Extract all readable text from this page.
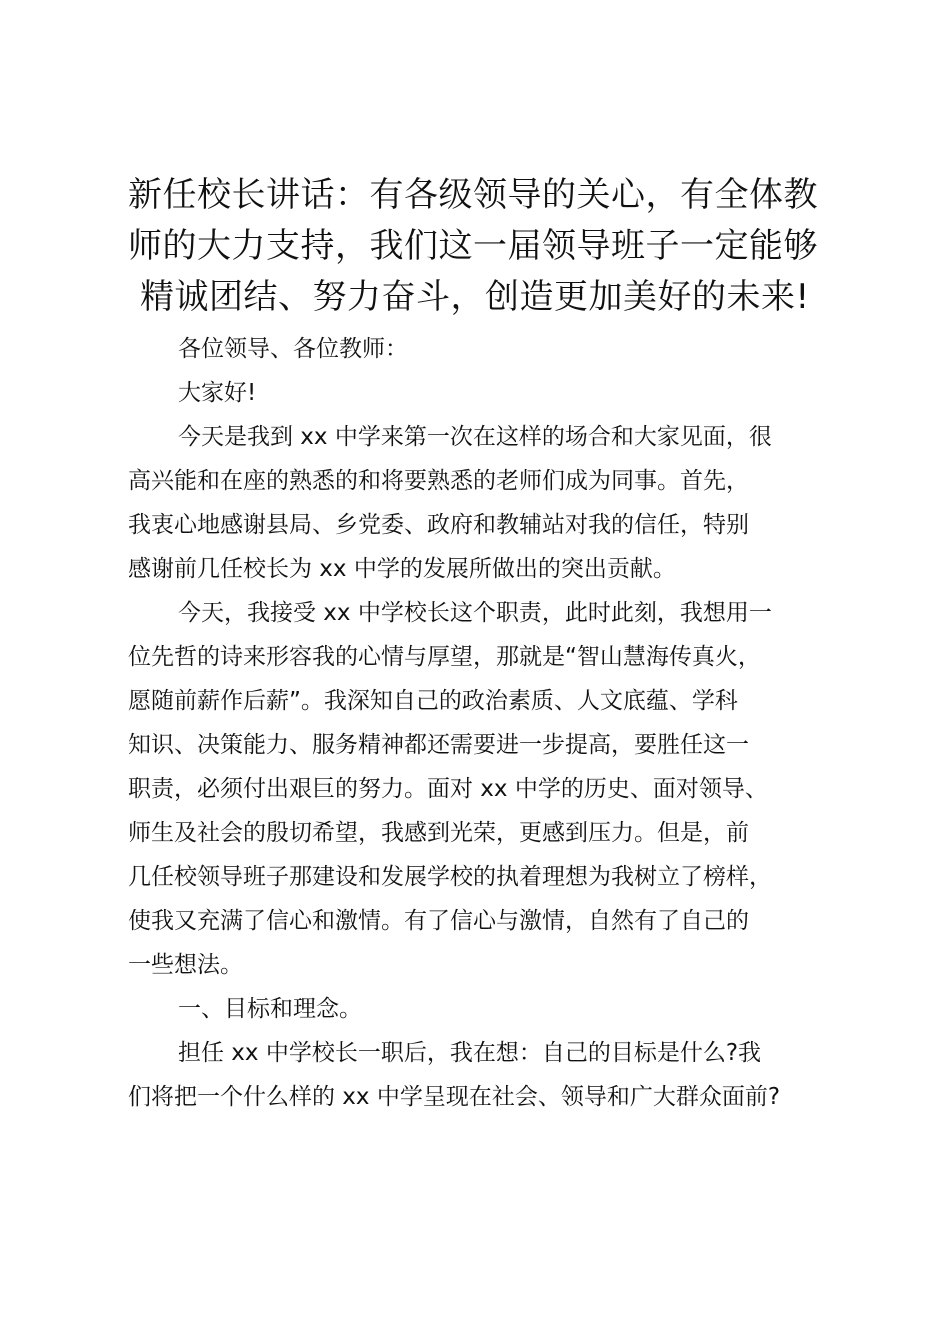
新任校长讲话：有各级领导的关心，有全体教
师的大力支持，我们这一届领导班子一定能够
精诚团结、努力奋斗，创造更加美好的未来!
各位领导、各位教师：
大家好!
今天是我到 xx 中学来第一次在这样的场合和大家见面，很
高兴能和在座的熟悉的和将要熟悉的老师们成为同事。首先，
我衷心地感谢县局、乡党委、政府和教辅站对我的信任，特别
感谢前几任校长为 xx 中学的发展所做出的突出贡献。
今天，我接受 xx 中学校长这个职责，此时此刻，我想用一
位先哲的诗来形容我的心情与厚望，那就是“智山慧海传真火，
愿随前薪作后薪”。我深知自己的政治素质、人文底蕴、学科
知识、决策能力、服务精神都还需要进一步提高，要胜任这一
职责，必须付出艰巨的努力。面对 xx 中学的历史、面对领导、
师生及社会的殷切希望，我感到光荣，更感到压力。但是，前
几任校领导班子那建设和发展学校的执着理想为我树立了榜样，
使我又充满了信心和激情。有了信心与激情，自然有了自己的
一些想法。
一、目标和理念。
担任 xx 中学校长一职后，我在想：自己的目标是什么?我
们将把一个什么样的 xx 中学呈现在社会、领导和广大群众面前?
